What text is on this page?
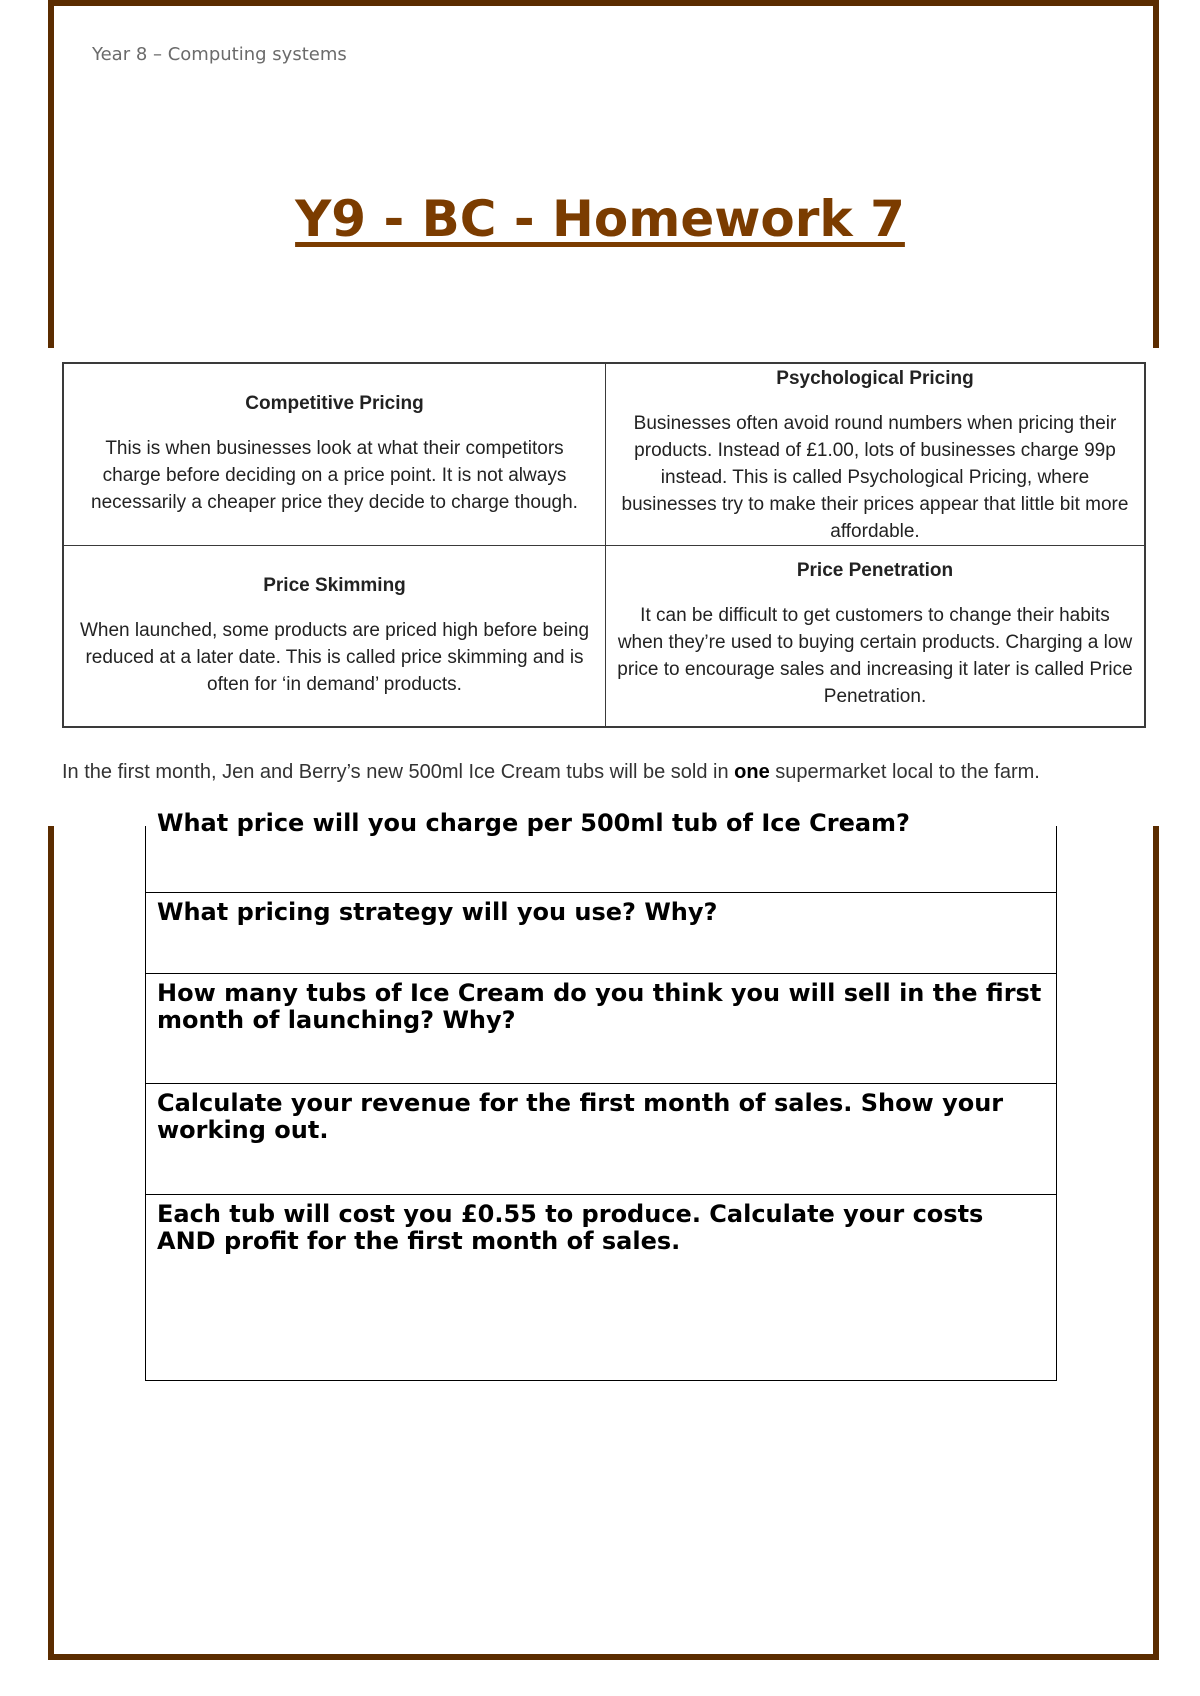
Year 8 – Computing systems
Y9 - BC - Homework 7
Competitive Pricing
This is when businesses look at what their competitors charge before deciding on a price point. It is not always necessarily a cheaper price they decide to charge though.
Psychological Pricing
Businesses often avoid round numbers when pricing their products. Instead of £1.00, lots of businesses charge 99p instead. This is called Psychological Pricing, where businesses try to make their prices appear that little bit more affordable.
Price Skimming
When launched, some products are priced high before being reduced at a later date. This is called price skimming and is often for ‘in demand’ products.
Price Penetration
It can be difficult to get customers to change their habits when they’re used to buying certain products. Charging a low price to encourage sales and increasing it later is called Price Penetration.
In the first month, Jen and Berry’s new 500ml Ice Cream tubs will be sold in one supermarket local to the farm.
What price will you charge per 500ml tub of Ice Cream?
What pricing strategy will you use? Why?
How many tubs of Ice Cream do you think you will sell in the first month of launching? Why?
Calculate your revenue for the first month of sales. Show your working out.
Each tub will cost you £0.55 to produce. Calculate your costs AND profit for the first month of sales.
